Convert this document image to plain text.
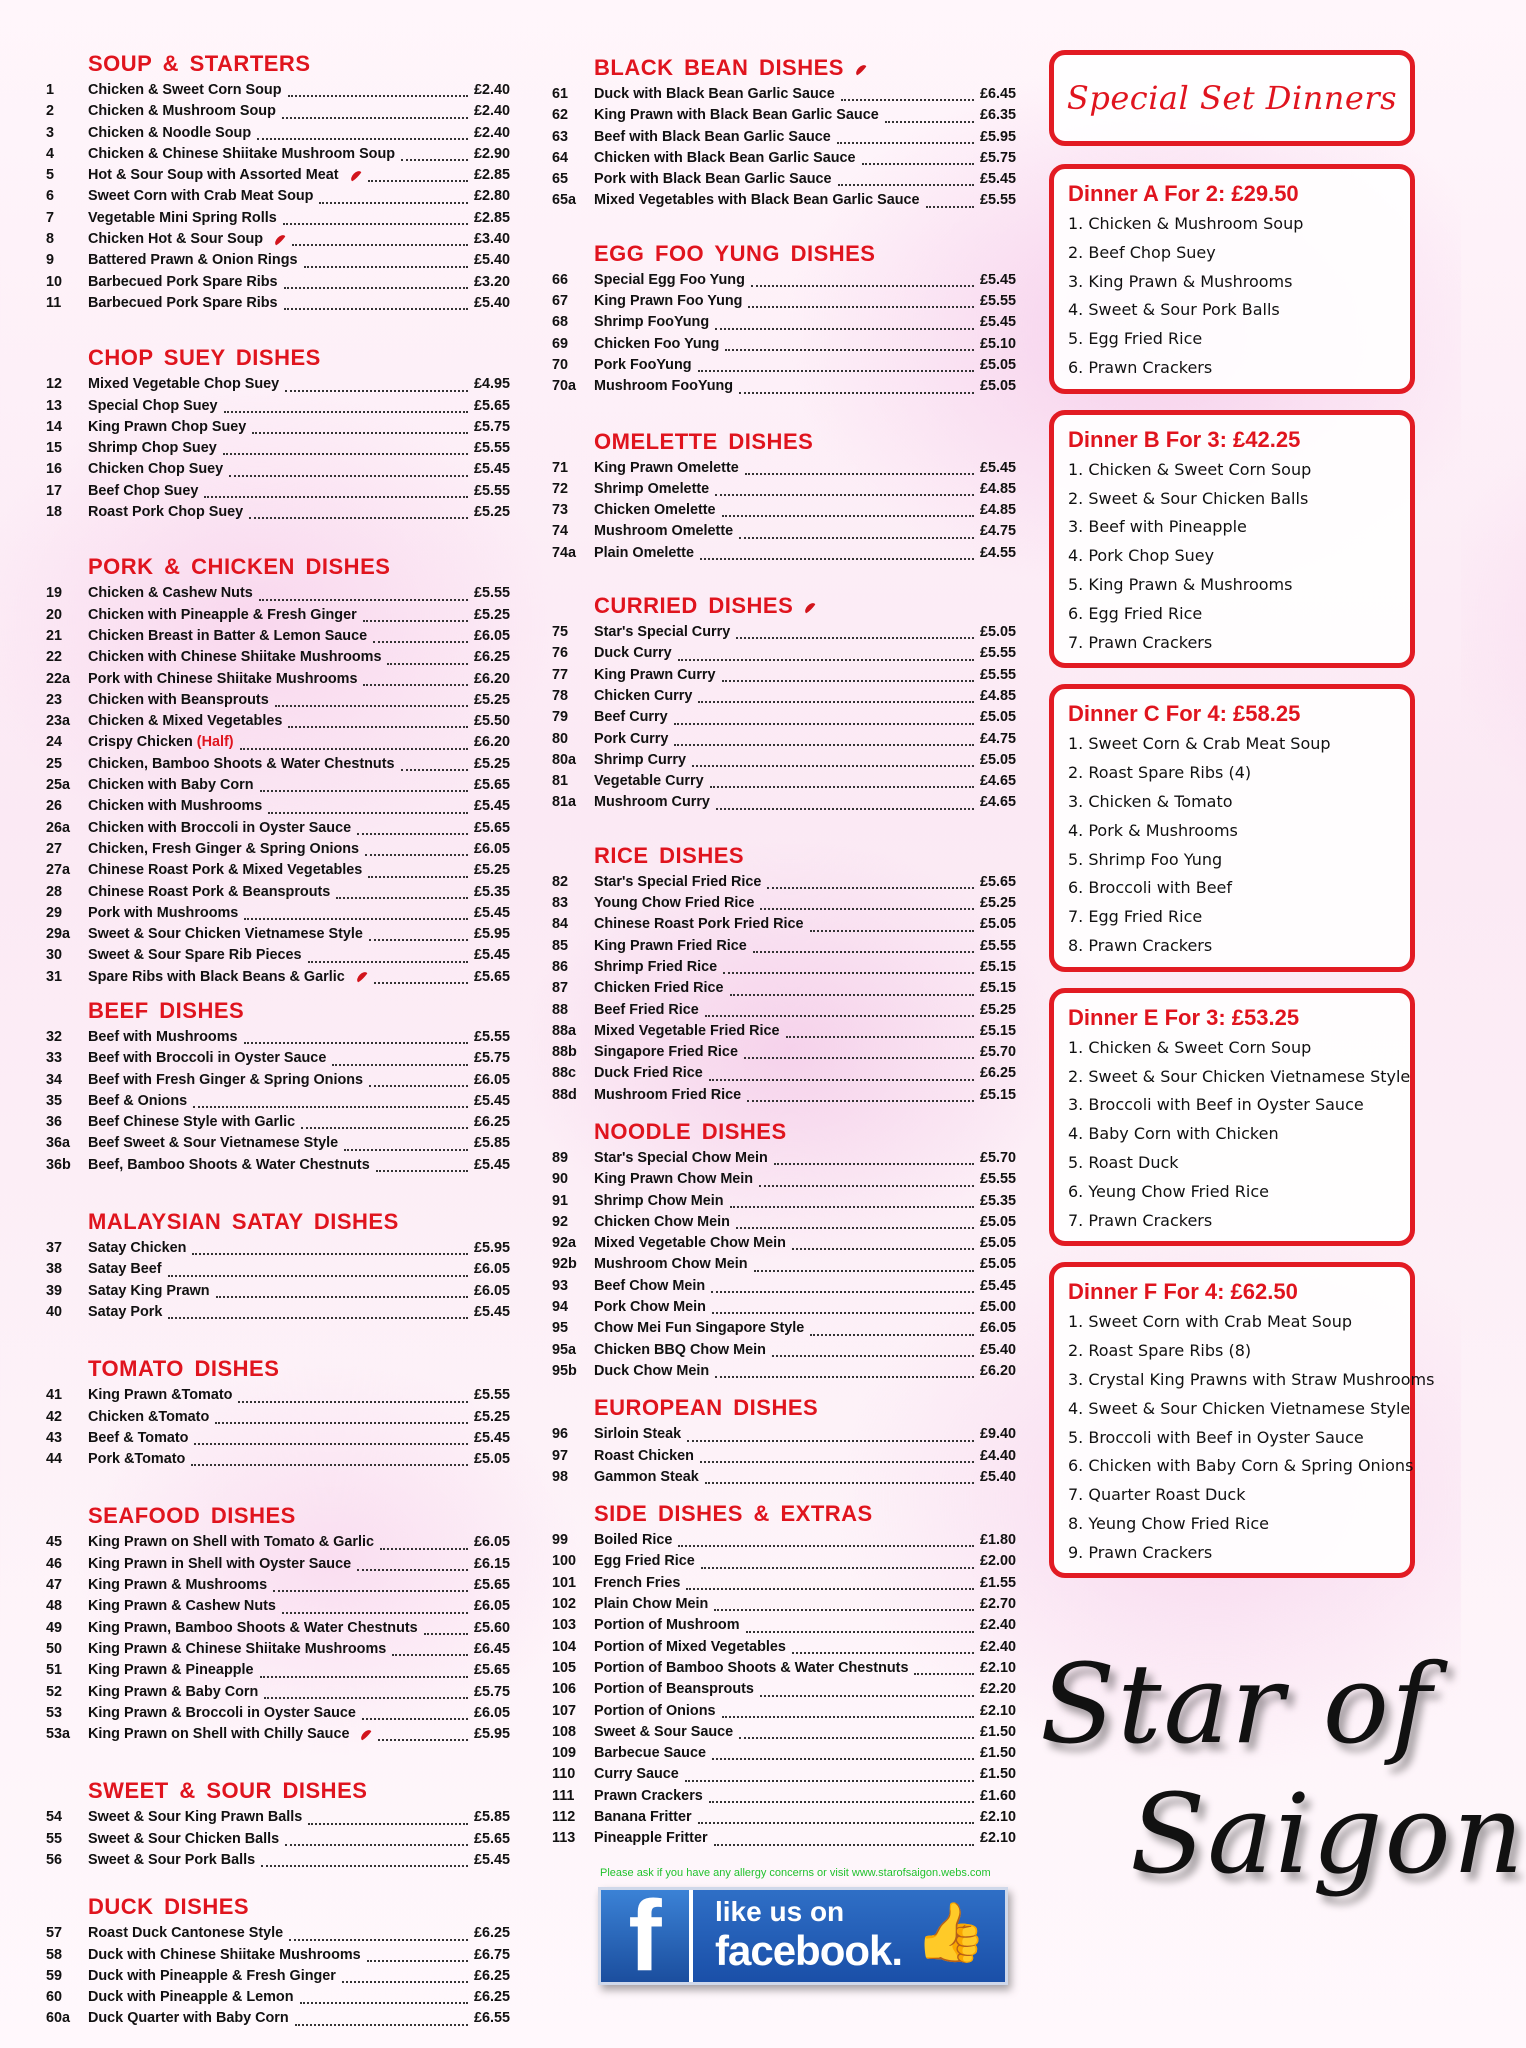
SOUP & STARTERS
1	Chicken & Sweet Corn Soup	£2.40
2	Chicken & Mushroom Soup	£2.40
3	Chicken & Noodle Soup	£2.40
4	Chicken & Chinese Shiitake Mushroom Soup	£2.90
5	Hot & Sour Soup with Assorted Meat	£2.85
6	Sweet Corn with Crab Meat Soup	£2.80
7	Vegetable Mini Spring Rolls	£2.85
8	Chicken Hot & Sour Soup	£3.40
9	Battered Prawn & Onion Rings	£5.40
10	Barbecued Pork Spare Ribs	£3.20
11	Barbecued Pork Spare Ribs	£5.40
CHOP SUEY DISHES
12	Mixed Vegetable Chop Suey	£4.95
13	Special Chop Suey	£5.65
14	King Prawn Chop Suey	£5.75
15	Shrimp Chop Suey	£5.55
16	Chicken Chop Suey	£5.45
17	Beef Chop Suey	£5.55
18	Roast Pork Chop Suey	£5.25
PORK & CHICKEN DISHES
19	Chicken & Cashew Nuts	£5.55
20	Chicken with Pineapple & Fresh Ginger	£5.25
21	Chicken Breast in Batter & Lemon Sauce	£6.05
22	Chicken with Chinese Shiitake Mushrooms	£6.25
22a	Pork with Chinese Shiitake Mushrooms	£6.20
23	Chicken with Beansprouts	£5.25
23a	Chicken & Mixed Vegetables	£5.50
24	Crispy Chicken (Half)	£6.20
25	Chicken, Bamboo Shoots & Water Chestnuts	£5.25
25a	Chicken with Baby Corn	£5.65
26	Chicken with Mushrooms	£5.45
26a	Chicken with Broccoli in Oyster Sauce	£5.65
27	Chicken, Fresh Ginger & Spring Onions	£6.05
27a	Chinese Roast Pork & Mixed Vegetables	£5.25
28	Chinese Roast Pork & Beansprouts	£5.35
29	Pork with Mushrooms	£5.45
29a	Sweet & Sour Chicken Vietnamese Style	£5.95
30	Sweet & Sour Spare Rib Pieces	£5.45
31	Spare Ribs with Black Beans & Garlic	£5.65
BEEF DISHES
32	Beef with Mushrooms	£5.55
33	Beef with Broccoli in Oyster Sauce	£5.75
34	Beef with Fresh Ginger & Spring Onions	£6.05
35	Beef & Onions	£5.45
36	Beef Chinese Style with Garlic	£6.25
36a	Beef Sweet & Sour Vietnamese Style	£5.85
36b	Beef, Bamboo Shoots & Water Chestnuts	£5.45
MALAYSIAN SATAY DISHES
37	Satay Chicken	£5.95
38	Satay Beef	£6.05
39	Satay King Prawn	£6.05
40	Satay Pork	£5.45
TOMATO DISHES
41	King Prawn &Tomato	£5.55
42	Chicken &Tomato	£5.25
43	Beef & Tomato	£5.45
44	Pork &Tomato	£5.05
SEAFOOD DISHES
45	King Prawn on Shell with Tomato & Garlic	£6.05
46	King Prawn in Shell with Oyster Sauce	£6.15
47	King Prawn & Mushrooms	£5.65
48	King Prawn & Cashew Nuts	£6.05
49	King Prawn, Bamboo Shoots & Water Chestnuts	£5.60
50	King Prawn & Chinese Shiitake Mushrooms	£6.45
51	King Prawn & Pineapple	£5.65
52	King Prawn & Baby Corn	£5.75
53	King Prawn & Broccoli in Oyster Sauce	£6.05
53a	King Prawn on Shell with Chilly Sauce	£5.95
SWEET & SOUR DISHES
54	Sweet & Sour King Prawn Balls	£5.85
55	Sweet & Sour Chicken Balls	£5.65
56	Sweet & Sour Pork Balls	£5.45
DUCK DISHES
57	Roast Duck Cantonese Style	£6.25
58	Duck with Chinese Shiitake Mushrooms	£6.75
59	Duck with Pineapple & Fresh Ginger	£6.25
60	Duck with Pineapple & Lemon	£6.25
60a	Duck Quarter with Baby Corn	£6.55
BLACK BEAN DISHES
61	Duck with Black Bean Garlic Sauce	£6.45
62	King Prawn with Black Bean Garlic Sauce	£6.35
63	Beef with Black Bean Garlic Sauce	£5.95
64	Chicken with Black Bean Garlic Sauce	£5.75
65	Pork with Black Bean Garlic Sauce	£5.45
65a	Mixed Vegetables with Black Bean Garlic Sauce	£5.55
EGG FOO YUNG DISHES
66	Special Egg Foo Yung	£5.45
67	King Prawn Foo Yung	£5.55
68	Shrimp FooYung	£5.45
69	Chicken Foo Yung	£5.10
70	Pork FooYung	£5.05
70a	Mushroom FooYung	£5.05
OMELETTE DISHES
71	King Prawn Omelette	£5.45
72	Shrimp Omelette	£4.85
73	Chicken Omelette	£4.85
74	Mushroom Omelette	£4.75
74a	Plain Omelette	£4.55
CURRIED DISHES
75	Star's Special Curry	£5.05
76	Duck Curry	£5.55
77	King Prawn Curry	£5.55
78	Chicken Curry	£4.85
79	Beef Curry	£5.05
80	Pork Curry	£4.75
80a	Shrimp Curry	£5.05
81	Vegetable Curry	£4.65
81a	Mushroom Curry	£4.65
RICE DISHES
82	Star's Special Fried Rice	£5.65
83	Young Chow Fried Rice	£5.25
84	Chinese Roast Pork Fried Rice	£5.05
85	King Prawn Fried Rice	£5.55
86	Shrimp Fried Rice	£5.15
87	Chicken Fried Rice	£5.15
88	Beef Fried Rice	£5.25
88a	Mixed Vegetable Fried Rice	£5.15
88b	Singapore Fried Rice	£5.70
88c	Duck Fried Rice	£6.25
88d	Mushroom Fried Rice	£5.15
NOODLE DISHES
89	Star's Special Chow Mein	£5.70
90	King Prawn Chow Mein	£5.55
91	Shrimp Chow Mein	£5.35
92	Chicken Chow Mein	£5.05
92a	Mixed Vegetable Chow Mein	£5.05
92b	Mushroom Chow Mein	£5.05
93	Beef Chow Mein	£5.45
94	Pork Chow Mein	£5.00
95	Chow Mei Fun Singapore Style	£6.05
95a	Chicken BBQ Chow Mein	£5.40
95b	Duck Chow Mein	£6.20
EUROPEAN DISHES
96	Sirloin Steak	£9.40
97	Roast Chicken	£4.40
98	Gammon Steak	£5.40
SIDE DISHES & EXTRAS
99	Boiled Rice	£1.80
100	Egg Fried Rice	£2.00
101	French Fries	£1.55
102	Plain Chow Mein	£2.70
103	Portion of Mushroom	£2.40
104	Portion of Mixed Vegetables	£2.40
105	Portion of Bamboo Shoots & Water Chestnuts	£2.10
106	Portion of Beansprouts	£2.20
107	Portion of Onions	£2.10
108	Sweet & Sour Sauce	£1.50
109	Barbecue Sauce	£1.50
110	Curry Sauce	£1.50
111	Prawn Crackers	£1.60
112	Banana Fritter	£2.10
113	Pineapple Fritter	£2.10
Special Set Dinners
Dinner A For 2: £29.50
1. Chicken & Mushroom Soup
2. Beef Chop Suey
3. King Prawn & Mushrooms
4. Sweet & Sour Pork Balls
5. Egg Fried Rice
6. Prawn Crackers
Dinner B For 3: £42.25
1. Chicken & Sweet Corn Soup
2. Sweet & Sour Chicken Balls
3. Beef with Pineapple
4. Pork Chop Suey
5. King Prawn & Mushrooms
6. Egg Fried Rice
7. Prawn Crackers
Dinner C For 4: £58.25
1. Sweet Corn & Crab Meat Soup
2. Roast Spare Ribs (4)
3. Chicken & Tomato
4. Pork & Mushrooms
5. Shrimp Foo Yung
6. Broccoli with Beef
7. Egg Fried Rice
8. Prawn Crackers
Dinner E For 3: £53.25
1. Chicken & Sweet Corn Soup
2. Sweet & Sour Chicken Vietnamese Style
3. Broccoli with Beef in Oyster Sauce
4. Baby Corn with Chicken
5. Roast Duck
6. Yeung Chow Fried Rice
7. Prawn Crackers
Dinner F For 4: £62.50
1. Sweet Corn with Crab Meat Soup
2. Roast Spare Ribs (8)
3. Crystal King Prawns with Straw Mushrooms
4. Sweet & Sour Chicken Vietnamese Style
5. Broccoli with Beef in Oyster Sauce
6. Chicken with Baby Corn & Spring Onions
7. Quarter Roast Duck
8. Yeung Chow Fried Rice
9. Prawn Crackers
Star of
Saigon
Please ask if you have any allergy concerns or visit www.starofsaigon.webs.com
f	like us on
facebook. 👍
